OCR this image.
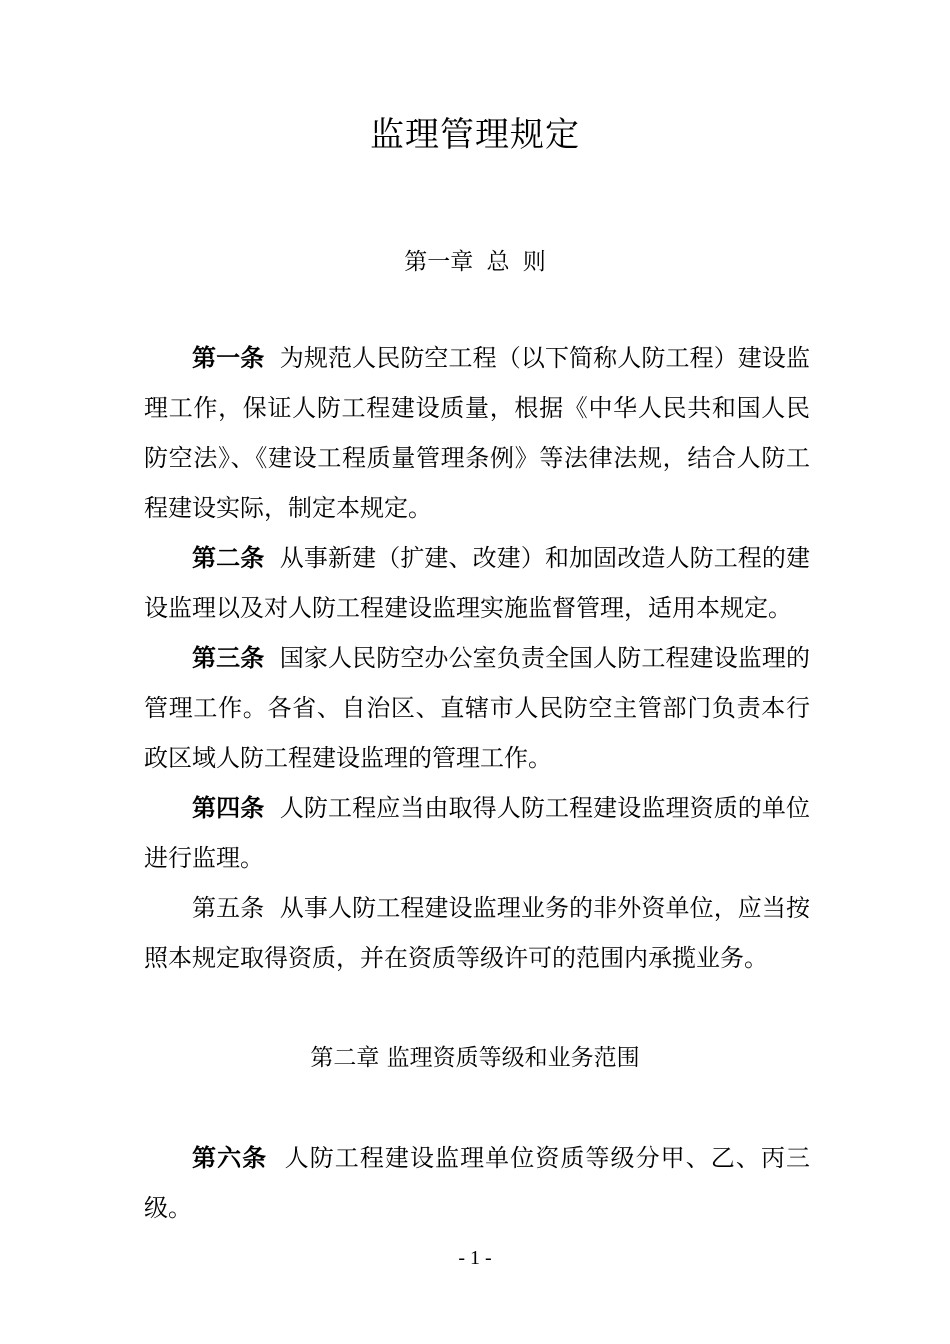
监理管理规定
第一章 总 则

第一条 为规范人民防空工程（以下简称人防工程）建设监理工作，保证人防工程建设质量，根据《中华人民共和国人民防空法》、《建设工程质量管理条例》等法律法规，结合人防工程建设实际，制定本规定。

第二条 从事新建（扩建、改建）和加固改造人防工程的建设监理以及对人防工程建设监理实施监督管理，适用本规定。

第三条 国家人民防空办公室负责全国人防工程建设监理的管理工作。各省、自治区、直辖市人民防空主管部门负责本行政区域人防工程建设监理的管理工作。

第四条 人防工程应当由取得人防工程建设监理资质的单位进行监理。

第五条 从事人防工程建设监理业务的非外资单位，应当按照本规定取得资质，并在资质等级许可的范围内承揽业务。

第二章 监理资质等级和业务范围

第六条 人防工程建设监理单位资质等级分甲、乙、丙三级。

- 1 -
